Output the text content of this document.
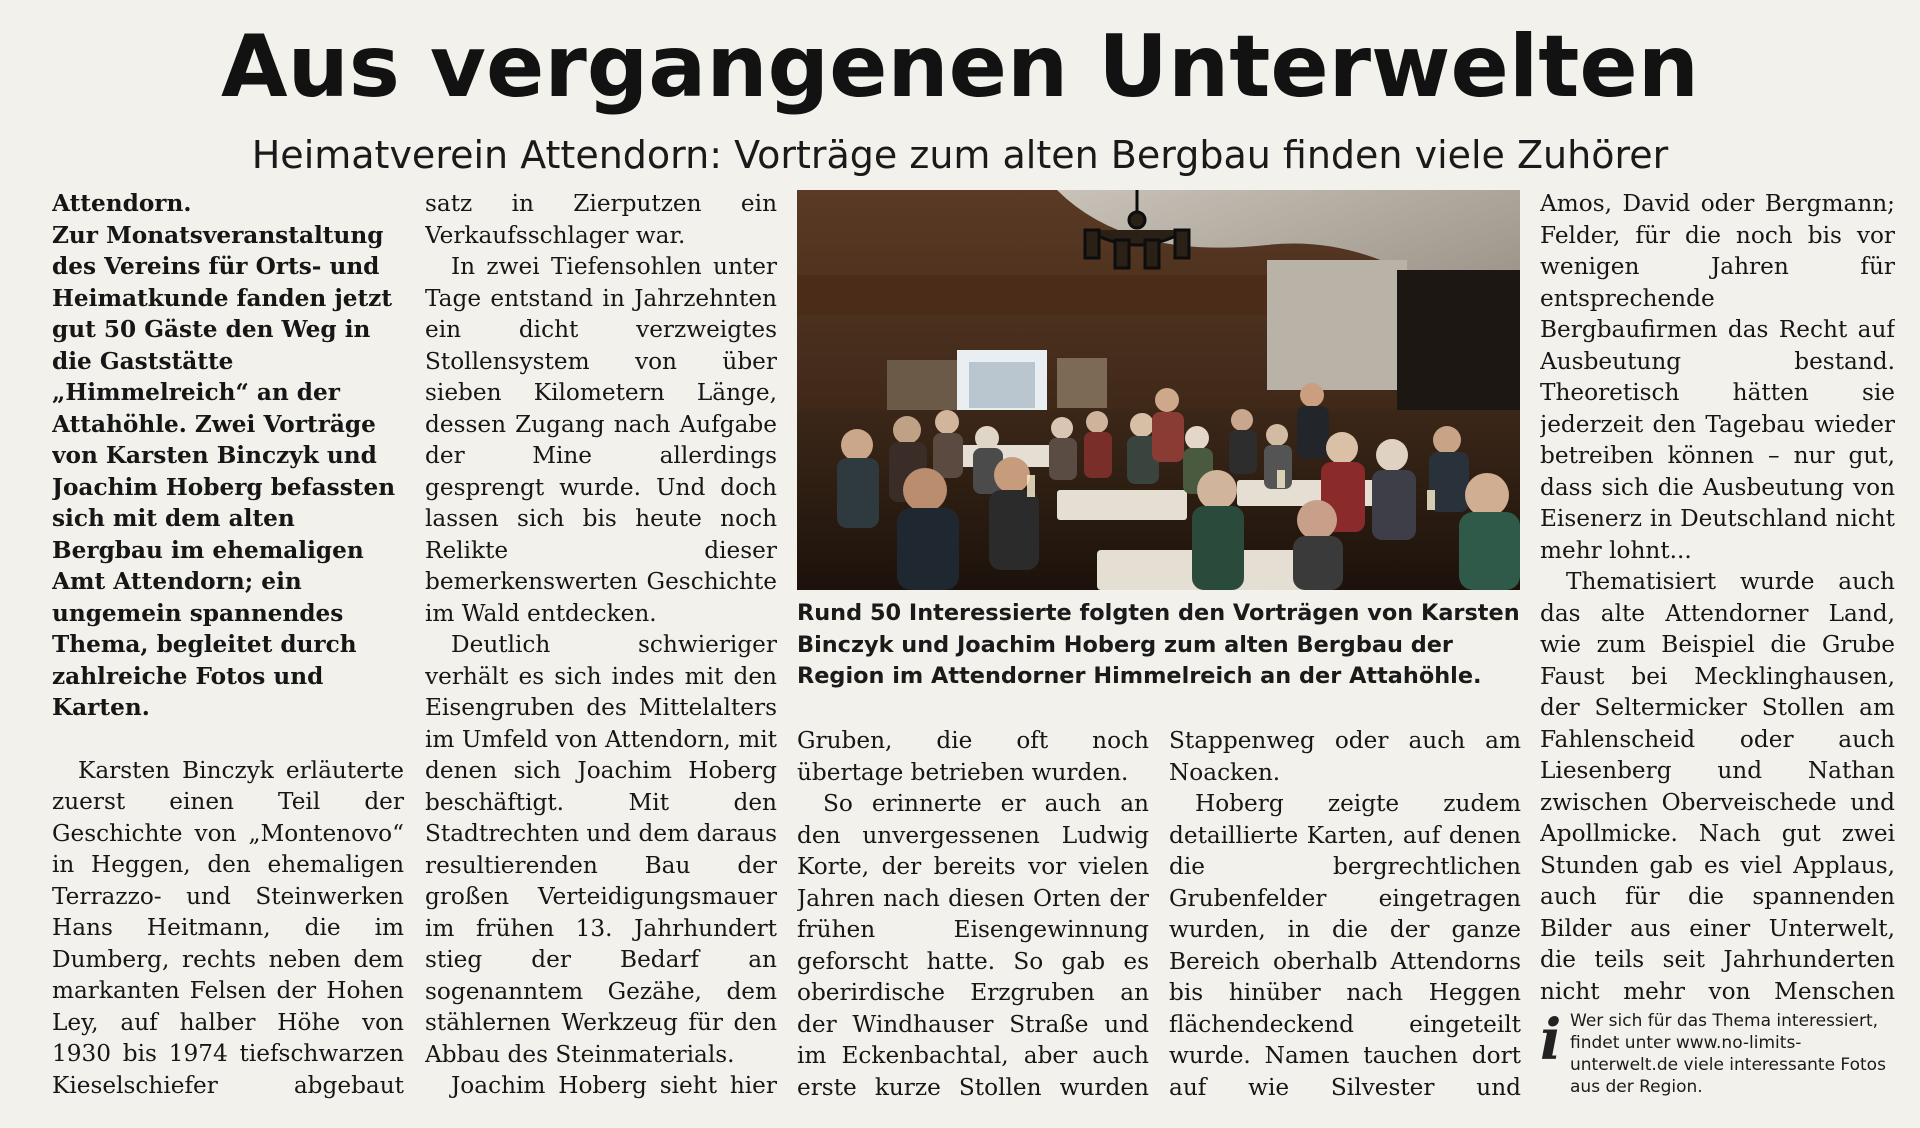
Aus vergangenen Unterwelten
Heimatverein Attendorn: Vorträge zum alten Bergbau finden viele Zuhörer

Attendorn.
Zur Monatsveranstaltung des Vereins für Orts- und Heimatkunde fanden jetzt gut 50 Gäste den Weg in die Gaststätte „Himmelreich“ an der Attahöhle. Zwei Vorträge von Karsten Binczyk und Joachim Hoberg befassten sich mit dem alten Bergbau im ehemaligen Amt Attendorn; ein ungemein spannendes Thema, begleitet durch zahlreiche Fotos und Karten.

Karsten Binczyk erläuterte zuerst einen Teil der Geschichte von „Montenovo“ in Heggen, den ehemaligen Terrazzo- und Steinwerken Hans Heitmann, die im Dumberg, rechts neben dem markanten Felsen der Hohen Ley, auf halber Höhe von 1930 bis 1974 tiefschwarzen Kieselschiefer abgebaut

satz in Zierputzen ein Verkaufsschlager war.

In zwei Tiefensohlen unter Tage entstand in Jahrzehnten ein dicht verzweigtes Stollensystem von über sieben Kilometern Länge, dessen Zugang nach Aufgabe der Mine allerdings gesprengt wurde. Und doch lassen sich bis heute noch Relikte dieser bemerkenswerten Geschichte im Wald entdecken.

Deutlich schwieriger verhält es sich indes mit den Eisengruben des Mittelalters im Umfeld von Attendorn, mit denen sich Joachim Hoberg beschäftigt. Mit den Stadtrechten und dem daraus resultierenden Bau der großen Verteidigungsmauer im frühen 13. Jahrhundert stieg der Bedarf an sogenanntem Gezähe, dem stählernen Werkzeug für den Abbau des Steinmaterials.

Joachim Hoberg sieht hier

Rund 50 Interessierte folgten den Vorträgen von Karsten Binczyk und Joachim Hoberg zum alten Bergbau der Region im Attendorner Himmelreich an der Attahöhle.

Gruben, die oft noch übertage betrieben wurden.

So erinnerte er auch an den unvergessenen Ludwig Korte, der bereits vor vielen Jahren nach diesen Orten der frühen Eisengewinnung geforscht hatte. So gab es oberirdische Erzgruben an der Windhauser Straße und im Eckenbachtal, aber auch erste kurze Stollen wurden

Stappenweg oder auch am Noacken.

Hoberg zeigte zudem detaillierte Karten, auf denen die bergrechtlichen Grubenfelder eingetragen wurden, in die der ganze Bereich oberhalb Attendorns bis hinüber nach Heggen flächendeckend eingeteilt wurde. Namen tauchen dort auf wie Silvester und

Amos, David oder Bergmann; Felder, für die noch bis vor wenigen Jahren für entsprechende Bergbaufirmen das Recht auf Ausbeutung bestand. Theoretisch hätten sie jederzeit den Tagebau wieder betreiben können – nur gut, dass sich die Ausbeutung von Eisenerz in Deutschland nicht mehr lohnt...

Thematisiert wurde auch das alte Attendorner Land, wie zum Beispiel die Grube Faust bei Mecklinghausen, der Seltermicker Stollen am Fahlenscheid oder auch Liesenberg und Nathan zwischen Oberveischede und Apollmicke. Nach gut zwei Stunden gab es viel Applaus, auch für die spannenden Bilder aus einer Unterwelt, die teils seit Jahrhunderten nicht mehr von Menschen

i Wer sich für das Thema interessiert, findet unter www.no-limits-unterwelt.de viele interessante Fotos aus der Region.
